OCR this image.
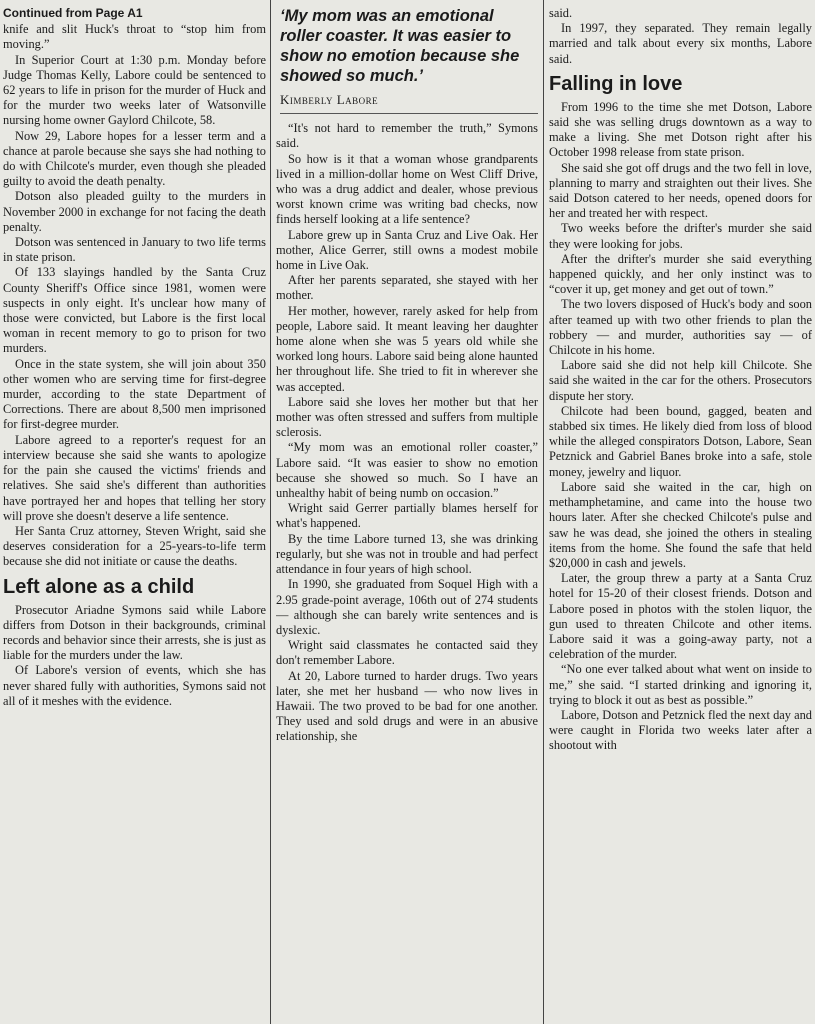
Continued from Page A1

knife and slit Huck's throat to “stop him from moving.”

In Superior Court at 1:30 p.m. Monday before Judge Thomas Kelly, Labore could be sentenced to 62 years to life in prison for the murder of Huck and for the murder two weeks later of Watsonville nursing home owner Gaylord Chilcote, 58.

Now 29, Labore hopes for a lesser term and a chance at parole because she says she had nothing to do with Chilcote's murder, even though she pleaded guilty to avoid the death penalty.

Dotson also pleaded guilty to the murders in November 2000 in exchange for not facing the death penalty.

Dotson was sentenced in January to two life terms in state prison.

Of 133 slayings handled by the Santa Cruz County Sheriff's Office since 1981, women were suspects in only eight. It's unclear how many of those were convicted, but Labore is the first local woman in recent memory to go to prison for two murders.

Once in the state system, she will join about 350 other women who are serving time for first-degree murder, according to the state Department of Corrections. There are about 8,500 men imprisoned for first-degree murder.

Labore agreed to a reporter's request for an interview because she said she wants to apologize for the pain she caused the victims' friends and relatives. She said she's different than authorities have portrayed her and hopes that telling her story will prove she doesn't deserve a life sentence.

Her Santa Cruz attorney, Steven Wright, said she deserves consideration for a 25-years-to-life term because she did not initiate or cause the deaths.

Left alone as a child

Prosecutor Ariadne Symons said while Labore differs from Dotson in their backgrounds, criminal records and behavior since their arrests, she is just as liable for the murders under the law.

Of Labore's version of events, which she has never shared fully with authorities, Symons said not all of it meshes with the evidence.

‘My mom was an emotional roller coaster. It was easier to show no emotion because she showed so much.’
Kimberly Labore

“It's not hard to remember the truth,” Symons said.

So how is it that a woman whose grandparents lived in a million-dollar home on West Cliff Drive, who was a drug addict and dealer, whose previous worst known crime was writing bad checks, now finds herself looking at a life sentence?

Labore grew up in Santa Cruz and Live Oak. Her mother, Alice Gerrer, still owns a modest mobile home in Live Oak.

After her parents separated, she stayed with her mother.

Her mother, however, rarely asked for help from people, Labore said. It meant leaving her daughter home alone when she was 5 years old while she worked long hours. Labore said being alone haunted her throughout life. She tried to fit in wherever she was accepted.

Labore said she loves her mother but that her mother was often stressed and suffers from multiple sclerosis.

“My mom was an emotional roller coaster,” Labore said. “It was easier to show no emotion because she showed so much. So I have an unhealthy habit of being numb on occasion.”

Wright said Gerrer partially blames herself for what's happened.

By the time Labore turned 13, she was drinking regularly, but she was not in trouble and had perfect attendance in four years of high school.

In 1990, she graduated from Soquel High with a 2.95 grade-point average, 106th out of 274 students — although she can barely write sentences and is dyslexic.

Wright said classmates he contacted said they don't remember Labore.

At 20, Labore turned to harder drugs. Two years later, she met her husband — who now lives in Hawaii. The two proved to be bad for one another. They used and sold drugs and were in an abusive relationship, she

said.

In 1997, they separated. They remain legally married and talk about every six months, Labore said.

Falling in love

From 1996 to the time she met Dotson, Labore said she was selling drugs downtown as a way to make a living. She met Dotson right after his October 1998 release from state prison.

She said she got off drugs and the two fell in love, planning to marry and straighten out their lives. She said Dotson catered to her needs, opened doors for her and treated her with respect.

Two weeks before the drifter's murder she said they were looking for jobs.

After the drifter's murder she said everything happened quickly, and her only instinct was to “cover it up, get money and get out of town.”

The two lovers disposed of Huck's body and soon after teamed up with two other friends to plan the robbery — and murder, authorities say — of Chilcote in his home.

Labore said she did not help kill Chilcote. She said she waited in the car for the others. Prosecutors dispute her story.

Chilcote had been bound, gagged, beaten and stabbed six times. He likely died from loss of blood while the alleged conspirators Dotson, Labore, Sean Petznick and Gabriel Banes broke into a safe, stole money, jewelry and liquor.

Labore said she waited in the car, high on methamphetamine, and came into the house two hours later. After she checked Chilcote's pulse and saw he was dead, she joined the others in stealing items from the home. She found the safe that held $20,000 in cash and jewels.

Later, the group threw a party at a Santa Cruz hotel for 15-20 of their closest friends. Dotson and Labore posed in photos with the stolen liquor, the gun used to threaten Chilcote and other items. Labore said it was a going-away party, not a celebration of the murder.

“No one ever talked about what went on inside to me,” she said. “I started drinking and ignoring it, trying to block it out as best as possible.”

Labore, Dotson and Petznick fled the next day and were caught in Florida two weeks later after a shootout with
